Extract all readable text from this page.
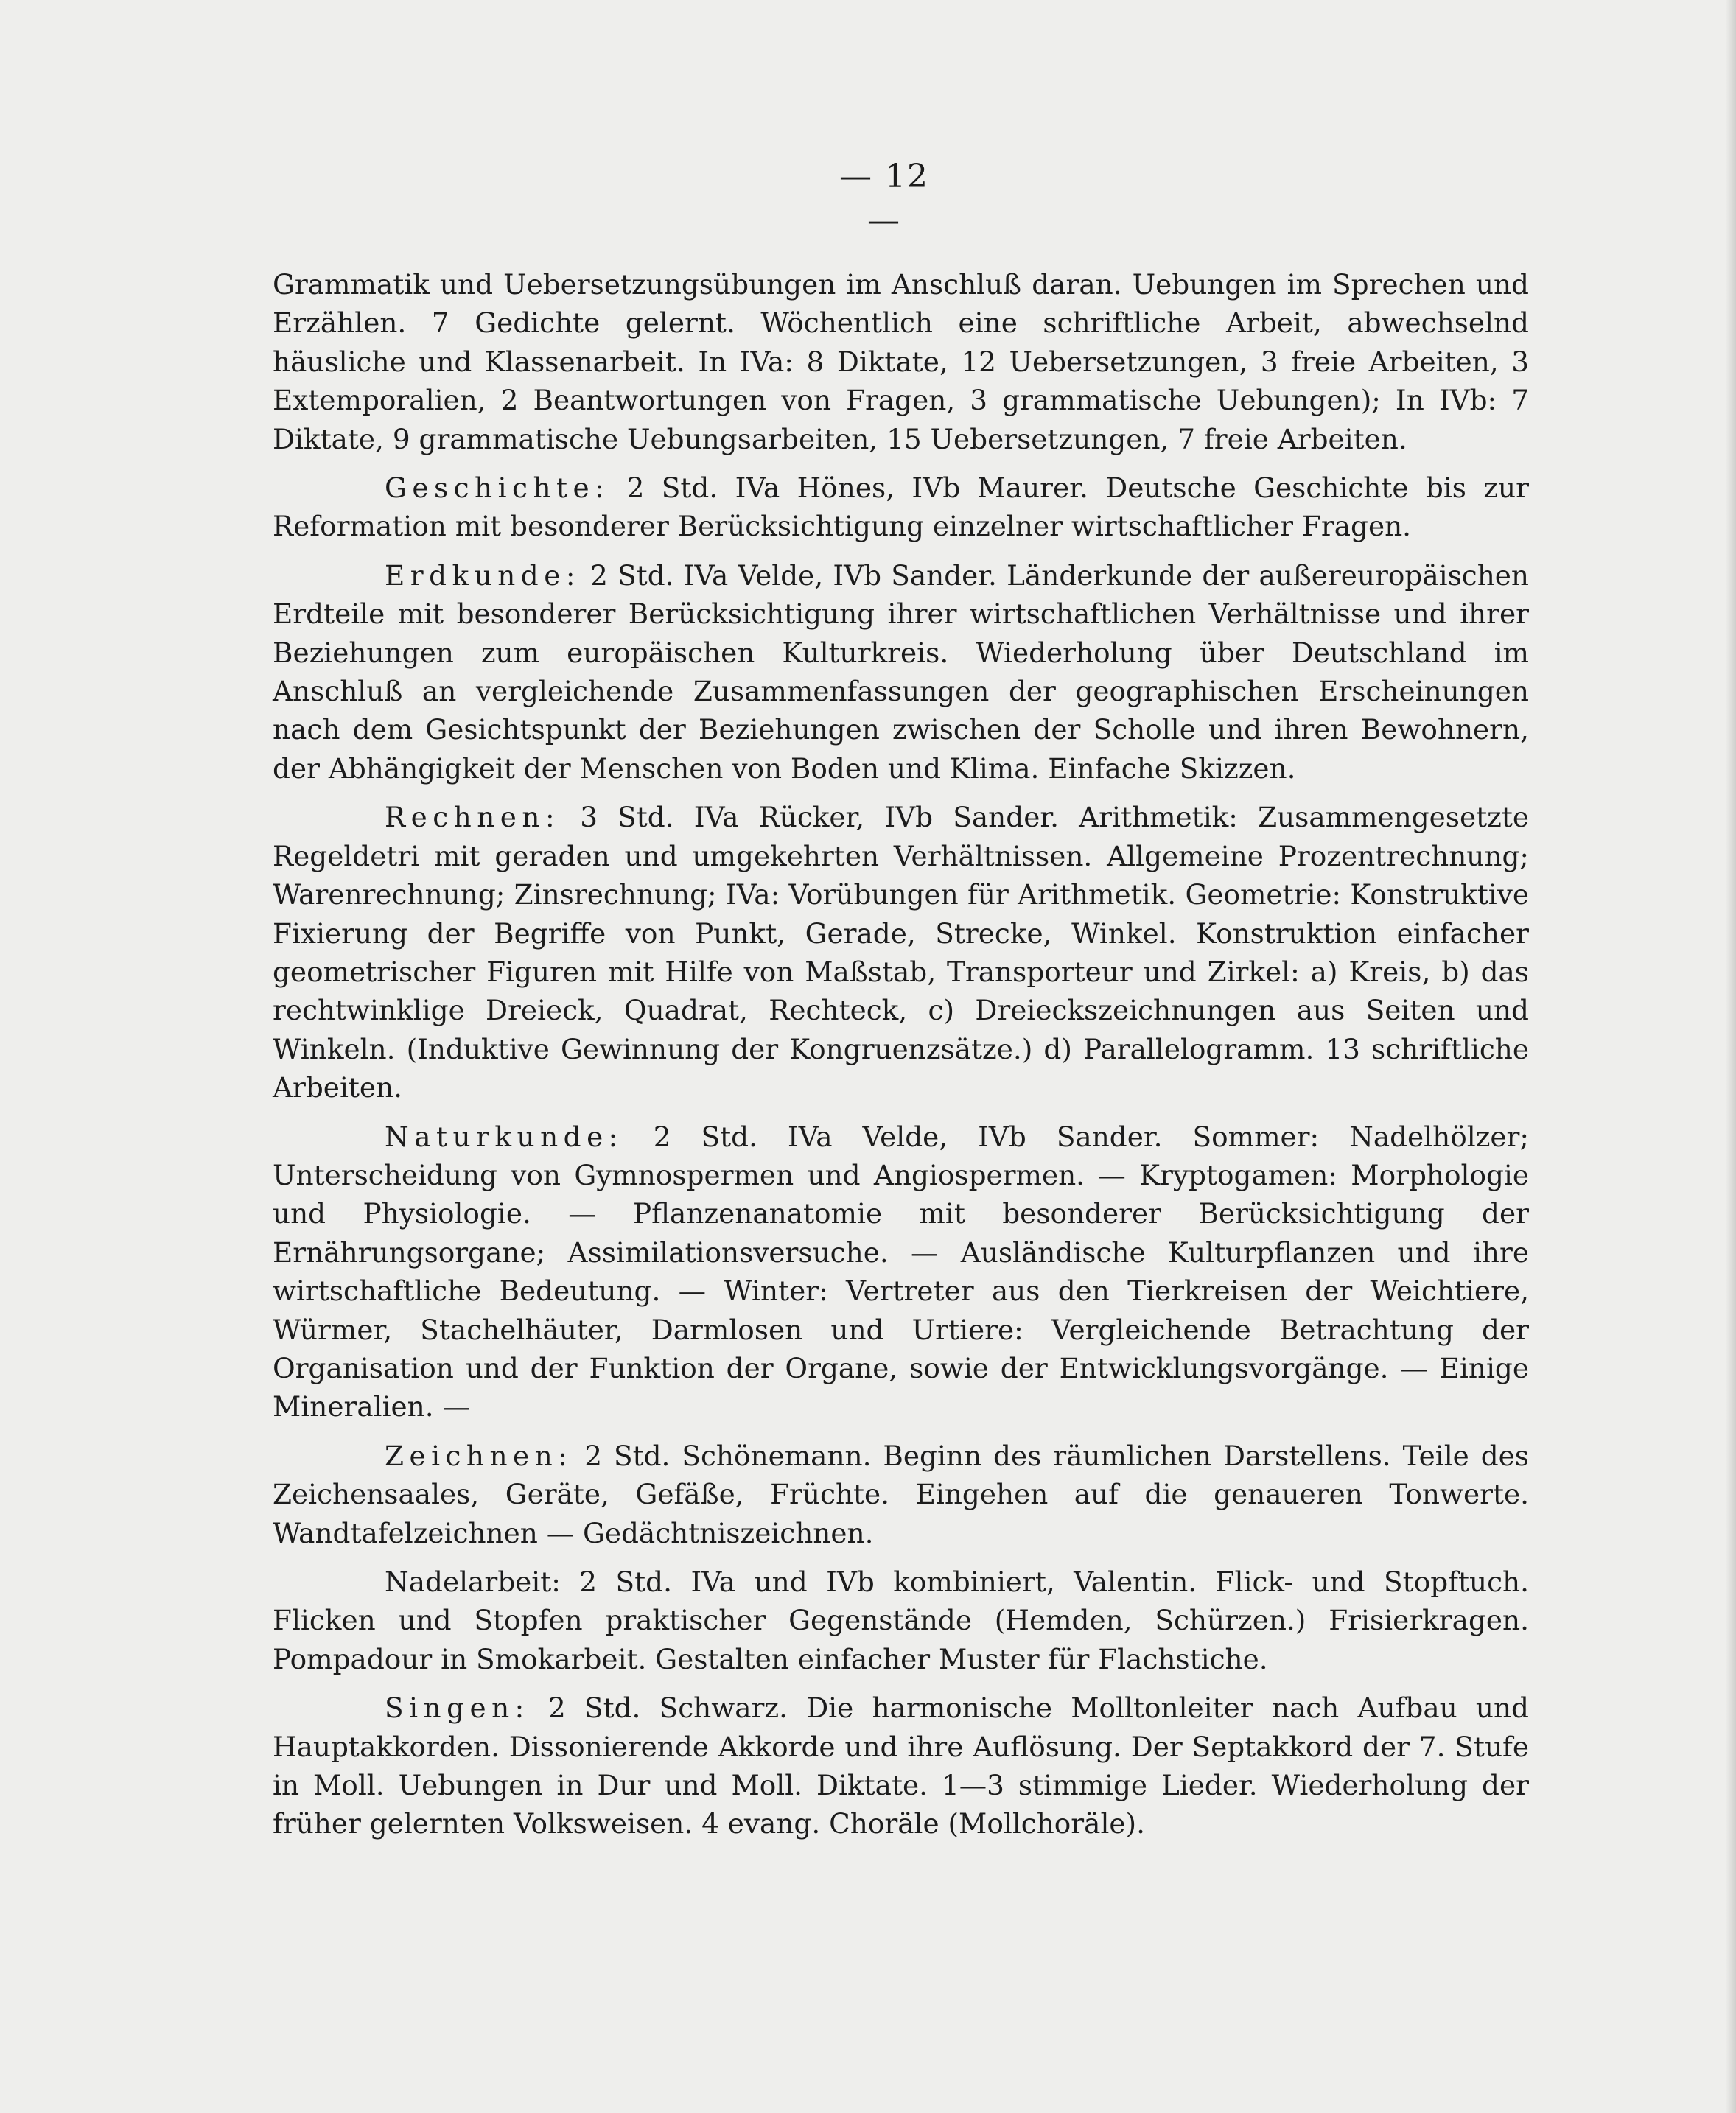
— 12 —

Grammatik und Uebersetzungsübungen im Anschluß daran. Uebungen im Sprechen und Erzählen. 7 Gedichte gelernt. Wöchentlich eine schriftliche Arbeit, abwechselnd häusliche und Klassenarbeit. In IVa: 8 Diktate, 12 Uebersetzungen, 3 freie Arbeiten, 3 Extemporalien, 2 Beantwortungen von Fragen, 3 grammatische Uebungen); In IVb: 7 Diktate, 9 grammatische Uebungsarbeiten, 15 Uebersetzungen, 7 freie Arbeiten.

Geschichte: 2 Std. IVa Hönes, IVb Maurer. Deutsche Geschichte bis zur Reformation mit besonderer Berücksichtigung einzelner wirtschaftlicher Fragen.

Erdkunde: 2 Std. IVa Velde, IVb Sander. Länderkunde der außereuropäischen Erdteile mit besonderer Berücksichtigung ihrer wirtschaftlichen Verhältnisse und ihrer Beziehungen zum europäischen Kulturkreis. Wiederholung über Deutschland im Anschluß an vergleichende Zusammenfassungen der geographischen Erscheinungen nach dem Gesichtspunkt der Beziehungen zwischen der Scholle und ihren Bewohnern, der Abhängigkeit der Menschen von Boden und Klima. Einfache Skizzen.

Rechnen: 3 Std. IVa Rücker, IVb Sander. Arithmetik: Zusammengesetzte Regeldetri mit geraden und umgekehrten Verhältnissen. Allgemeine Prozentrechnung; Warenrechnung; Zinsrechnung; IVa: Vorübungen für Arithmetik. Geometrie: Konstruktive Fixierung der Begriffe von Punkt, Gerade, Strecke, Winkel. Konstruktion einfacher geometrischer Figuren mit Hilfe von Maßstab, Transporteur und Zirkel: a) Kreis, b) das rechtwinklige Dreieck, Quadrat, Rechteck, c) Dreieckszeichnungen aus Seiten und Winkeln. (Induktive Gewinnung der Kongruenzsätze.) d) Parallelogramm. 13 schriftliche Arbeiten.

Naturkunde: 2 Std. IVa Velde, IVb Sander. Sommer: Nadelhölzer; Unterscheidung von Gymnospermen und Angiospermen. — Kryptogamen: Morphologie und Physiologie. — Pflanzenanatomie mit besonderer Berücksichtigung der Ernährungsorgane; Assimilationsversuche. — Ausländische Kulturpflanzen und ihre wirtschaftliche Bedeutung. — Winter: Vertreter aus den Tierkreisen der Weichtiere, Würmer, Stachelhäuter, Darmlosen und Urtiere: Vergleichende Betrachtung der Organisation und der Funktion der Organe, sowie der Entwicklungsvorgänge. — Einige Mineralien. —

Zeichnen: 2 Std. Schönemann. Beginn des räumlichen Darstellens. Teile des Zeichensaales, Geräte, Gefäße, Früchte. Eingehen auf die genaueren Tonwerte. Wandtafelzeichnen — Gedächtniszeichnen.

Nadelarbeit: 2 Std. IVa und IVb kombiniert, Valentin. Flick- und Stopftuch. Flicken und Stopfen praktischer Gegenstände (Hemden, Schürzen.) Frisierkragen. Pompadour in Smokarbeit. Gestalten einfacher Muster für Flachstiche.

Singen: 2 Std. Schwarz. Die harmonische Molltonleiter nach Aufbau und Hauptakkorden. Dissonierende Akkorde und ihre Auflösung. Der Septakkord der 7. Stufe in Moll. Uebungen in Dur und Moll. Diktate. 1—3 stimmige Lieder. Wiederholung der früher gelernten Volksweisen. 4 evang. Choräle (Mollchoräle).
